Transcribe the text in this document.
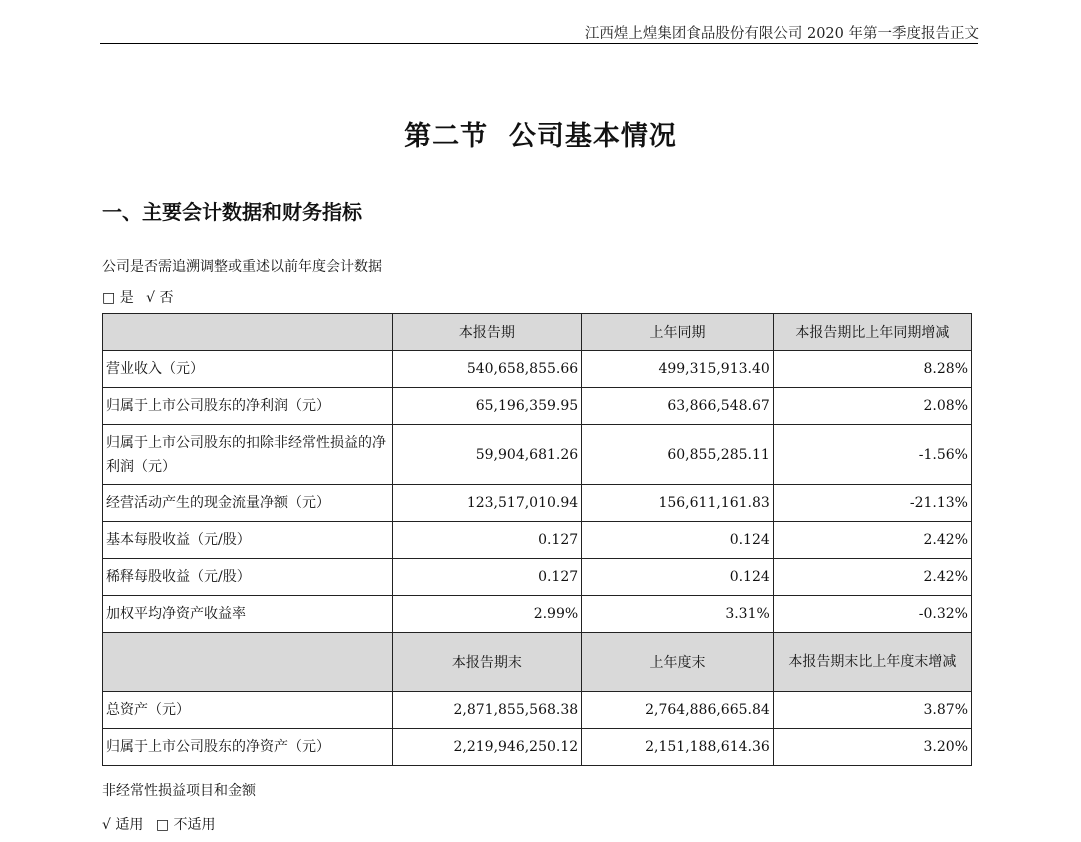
江西煌上煌集团食品股份有限公司 2020 年第一季度报告正文
第二节  公司基本情况
一、主要会计数据和财务指标
公司是否需追溯调整或重述以前年度会计数据
□ 是 √ 否
	本报告期	上年同期	本报告期比上年同期增减
营业收入（元）	540,658,855.66	499,315,913.40	8.28%
归属于上市公司股东的净利润（元）	65,196,359.95	63,866,548.67	2.08%
归属于上市公司股东的扣除非经常性损益的净利润（元）	59,904,681.26	60,855,285.11	-1.56%
经营活动产生的现金流量净额（元）	123,517,010.94	156,611,161.83	-21.13%
基本每股收益（元/股）	0.127	0.124	2.42%
稀释每股收益（元/股）	0.127	0.124	2.42%
加权平均净资产收益率	2.99%	3.31%	-0.32%
	本报告期末	上年度末	本报告期末比上年度末增减
总资产（元）	2,871,855,568.38	2,764,886,665.84	3.87%
归属于上市公司股东的净资产（元）	2,219,946,250.12	2,151,188,614.36	3.20%
非经常性损益项目和金额
√ 适用 □ 不适用
